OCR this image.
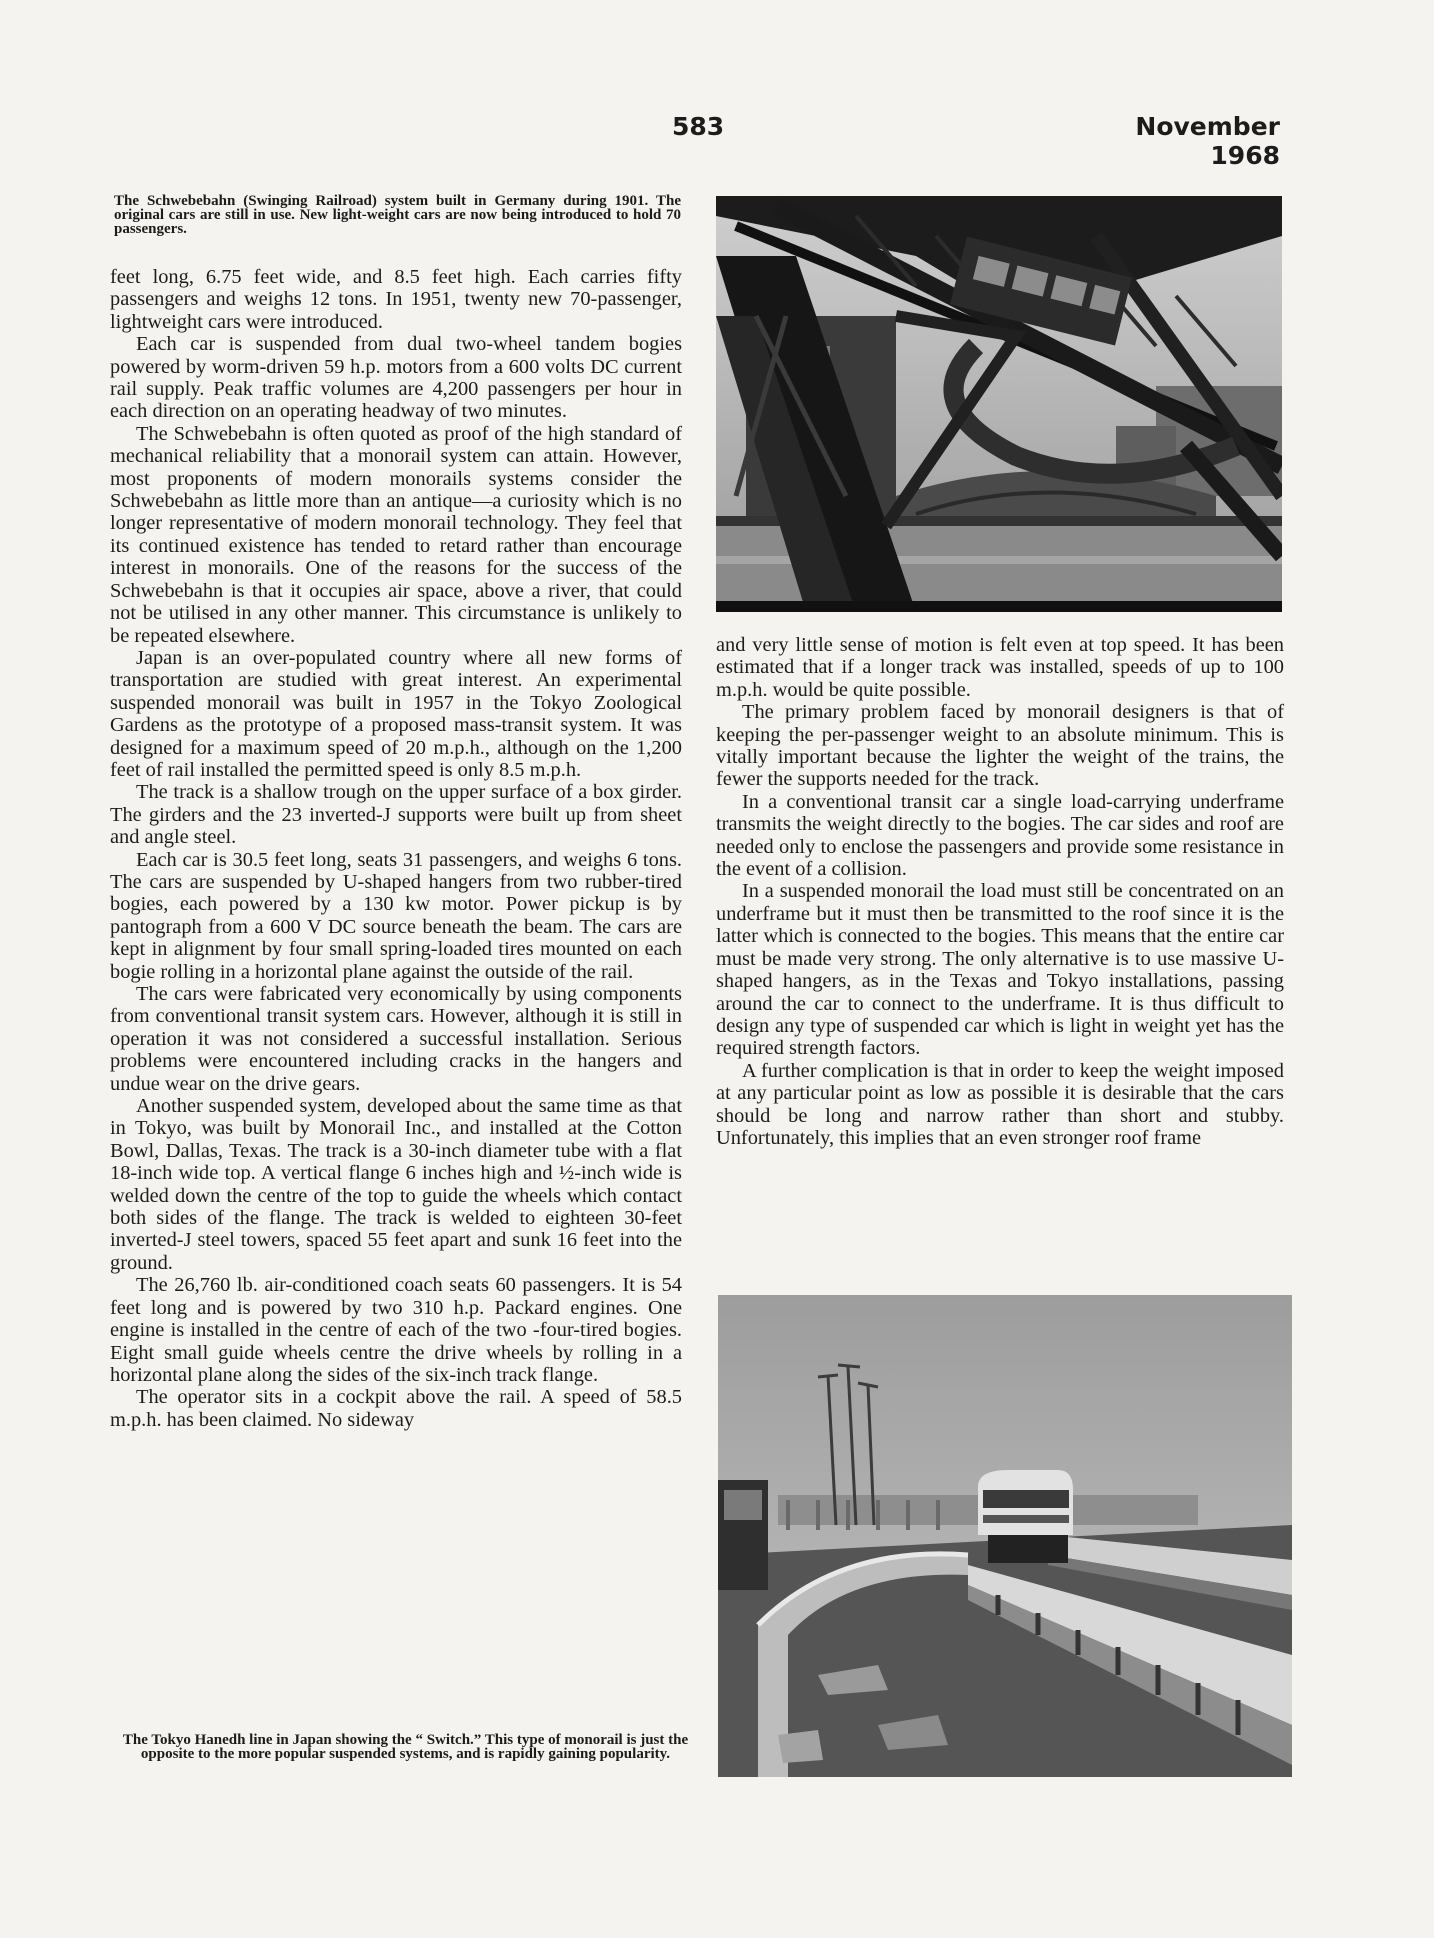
583	November 1968
The Schwebebahn (Swinging Railroad) system built in Germany during 1901. The original cars are still in use. New light-weight cars are now being introduced to hold 70 passengers.

feet long, 6.75 feet wide, and 8.5 feet high. Each carries fifty passengers and weighs 12 tons. In 1951, twenty new 70-passenger, lightweight cars were introduced.

Each car is suspended from dual two-wheel tandem bogies powered by worm-driven 59 h.p. motors from a 600 volts DC current rail supply. Peak traffic volumes are 4,200 passengers per hour in each direction on an operating headway of two minutes.

The Schwebebahn is often quoted as proof of the high standard of mechanical reliability that a monorail system can attain. However, most proponents of modern monorails systems consider the Schwebebahn as little more than an antique—a curiosity which is no longer representative of modern monorail technology. They feel that its continued existence has tended to retard rather than encourage interest in monorails. One of the reasons for the success of the Schwebebahn is that it occupies air space, above a river, that could not be utilised in any other manner. This circumstance is unlikely to be repeated elsewhere.

Japan is an over-populated country where all new forms of transportation are studied with great interest. An experimental suspended monorail was built in 1957 in the Tokyo Zoological Gardens as the prototype of a proposed mass-transit system. It was designed for a maximum speed of 20 m.p.h., although on the 1,200 feet of rail installed the permitted speed is only 8.5 m.p.h.

The track is a shallow trough on the upper surface of a box girder. The girders and the 23 inverted-J supports were built up from sheet and angle steel.

Each car is 30.5 feet long, seats 31 passengers, and weighs 6 tons. The cars are suspended by U-shaped hangers from two rubber-tired bogies, each powered by a 130 kw motor. Power pickup is by pantograph from a 600 V DC source beneath the beam. The cars are kept in alignment by four small spring-loaded tires mounted on each bogie rolling in a horizontal plane against the outside of the rail.

The cars were fabricated very economically by using components from conventional transit system cars. However, although it is still in operation it was not considered a successful installation. Serious problems were encountered including cracks in the hangers and undue wear on the drive gears.

Another suspended system, developed about the same time as that in Tokyo, was built by Monorail Inc., and installed at the Cotton Bowl, Dallas, Texas. The track is a 30-inch diameter tube with a flat 18-inch wide top. A vertical flange 6 inches high and ½-inch wide is welded down the centre of the top to guide the wheels which contact both sides of the flange. The track is welded to eighteen 30-feet inverted-J steel towers, spaced 55 feet apart and sunk 16 feet into the ground.

The 26,760 lb. air-conditioned coach seats 60 passengers. It is 54 feet long and is powered by two 310 h.p. Packard engines. One engine is installed in the centre of each of the two -four-tired bogies. Eight small guide wheels centre the drive wheels by rolling in a horizontal plane along the sides of the six-inch track flange.

The operator sits in a cockpit above the rail. A speed of 58.5 m.p.h. has been claimed. No sideway

The Tokyo Hanedh line in Japan showing the “ Switch.” This type of monorail is just the opposite to the more popular suspended systems, and is rapidly gaining popularity.

and very little sense of motion is felt even at top speed. It has been estimated that if a longer track was installed, speeds of up to 100 m.p.h. would be quite possible.

The primary problem faced by monorail designers is that of keeping the per-passenger weight to an absolute minimum. This is vitally important because the lighter the weight of the trains, the fewer the supports needed for the track.

In a conventional transit car a single load-carrying underframe transmits the weight directly to the bogies. The car sides and roof are needed only to enclose the passengers and provide some resistance in the event of a collision.

In a suspended monorail the load must still be concentrated on an underframe but it must then be transmitted to the roof since it is the latter which is connected to the bogies. This means that the entire car must be made very strong. The only alternative is to use massive U-shaped hangers, as in the Texas and Tokyo installations, passing around the car to connect to the underframe. It is thus difficult to design any type of suspended car which is light in weight yet has the required strength factors.

A further complication is that in order to keep the weight imposed at any particular point as low as possible it is desirable that the cars should be long and narrow rather than short and stubby. Unfortunately, this implies that an even stronger roof frame
